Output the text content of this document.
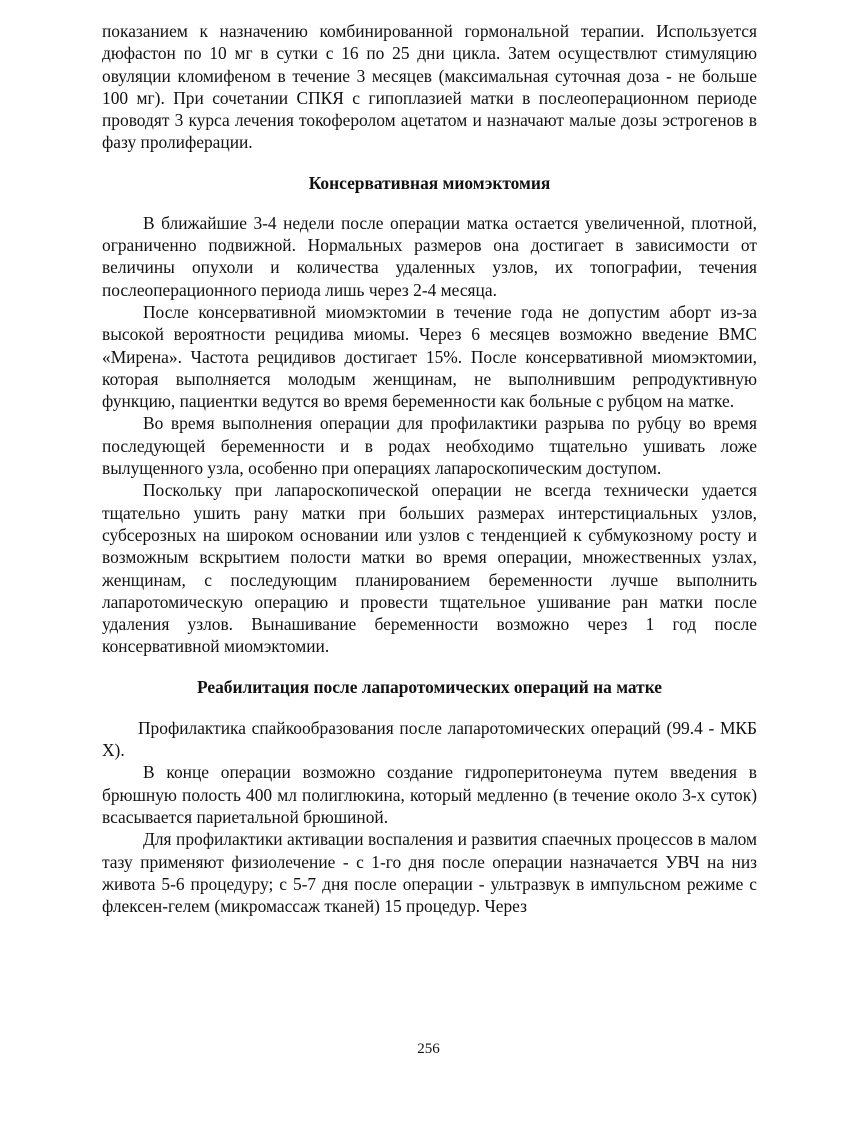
показанием к назначению комбинированной гормональной терапии. Используется дюфастон по 10 мг в сутки с 16 по 25 дни цикла. Затем осуществлют стимуляцию овуляции кломифеном в течение 3 месяцев (максимальная суточная доза - не больше 100 мг). При сочетании СПКЯ с гипоплазией матки в послеоперационном периоде проводят 3 курса лечения токоферолом ацетатом и назначают малые дозы эстрогенов в фазу пролиферации.

Консервативная миомэктомия

В ближайшие 3-4 недели после операции матка остается увеличенной, плотной, ограниченно подвижной. Нормальных размеров она достигает в зависимости от величины опухоли и количества удаленных узлов, их топографии, течения послеоперационного периода лишь через 2-4 месяца.

После консервативной миомэктомии в течение года не допустим аборт из-за высокой вероятности рецидива миомы. Через 6 месяцев возможно введение ВМС «Мирена». Частота рецидивов достигает 15%. После консервативной миомэктомии, которая выполняется молодым женщинам, не выполнившим репродуктивную функцию, пациентки ведутся во время беременности как больные с рубцом на матке.

Во время выполнения операции для профилактики разрыва по рубцу во время последующей беременности и в родах необходимо тщательно ушивать ложе вылущенного узла, особенно при операциях лапароскопическим доступом.

Поскольку при лапароскопической операции не всегда технически удается тщательно ушить рану матки при больших размерах интерстициальных узлов, субсерозных на широком основании или узлов с тенденцией к субмукозному росту и возможным вскрытием полости матки во время операции, множественных узлах, женщинам, с последующим планированием беременности лучше выполнить лапаротомическую операцию и провести тщательное ушивание ран матки после удаления узлов. Вынашивание беременности возможно через 1 год после консервативной миомэктомии.

Реабилитация после лапаротомических операций на матке

Профилактика спайкообразования после лапаротомических операций (99.4 - МКБ X).

В конце операции возможно создание гидроперитонеума путем введения в брюшную полость 400 мл полиглюкина, который медленно (в течение около 3-х суток) всасывается париетальной брюшиной.

Для профилактики активации воспаления и развития спаечных процессов в малом тазу применяют физиолечение - с 1-го дня после операции назначается УВЧ на низ живота 5-6 процедуру; с 5-7 дня после операции - ультразвук в импульсном режиме с флексен-гелем (микромассаж тканей) 15 процедур. Через

256
